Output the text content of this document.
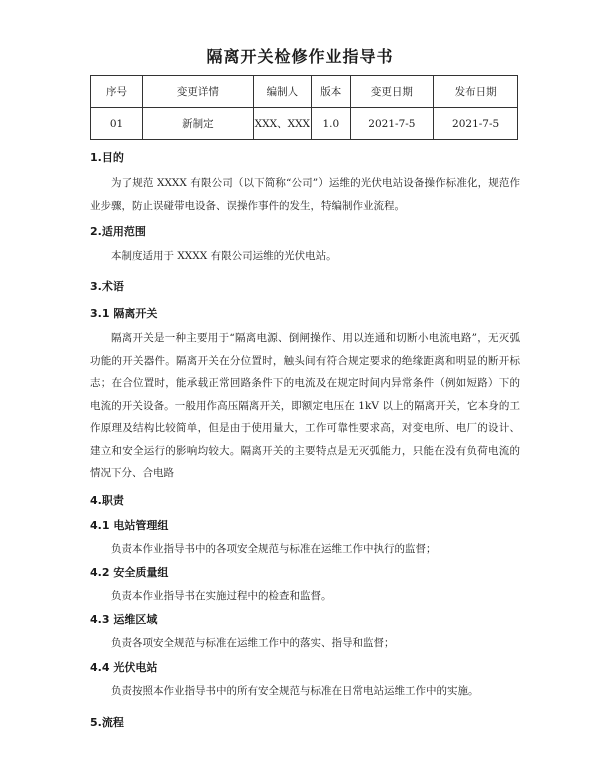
隔离开关检修作业指导书
序号	变更详情	编制人	版本	变更日期	发布日期
01	新制定	XXX、XXX	1.0	2021-7-5	2021-7-5
1.目的
为了规范 XXXX 有限公司（以下简称“公司”）运维的光伏电站设备操作标准化，规范作业步骤，防止误碰带电设备、误操作事件的发生，特编制作业流程。
2.适用范围
本制度适用于 XXXX 有限公司运维的光伏电站。
3.术语
3.1 隔离开关
隔离开关是一种主要用于“隔离电源、倒闸操作、用以连通和切断小电流电路”，无灭弧功能的开关器件。隔离开关在分位置时，触头间有符合规定要求的绝缘距离和明显的断开标志；在合位置时，能承载正常回路条件下的电流及在规定时间内异常条件（例如短路）下的电流的开关设备。一般用作高压隔离开关，即额定电压在 1kV 以上的隔离开关，它本身的工作原理及结构比较简单，但是由于使用量大，工作可靠性要求高，对变电所、电厂的设计、建立和安全运行的影响均较大。隔离开关的主要特点是无灭弧能力，只能在没有负荷电流的情况下分、合电路
4.职责
4.1 电站管理组
负责本作业指导书中的各项安全规范与标准在运维工作中执行的监督；
4.2 安全质量组
负责本作业指导书在实施过程中的检查和监督。
4.3 运维区域
负责各项安全规范与标准在运维工作中的落实、指导和监督；
4.4 光伏电站
负责按照本作业指导书中的所有安全规范与标准在日常电站运维工作中的实施。
5.流程
